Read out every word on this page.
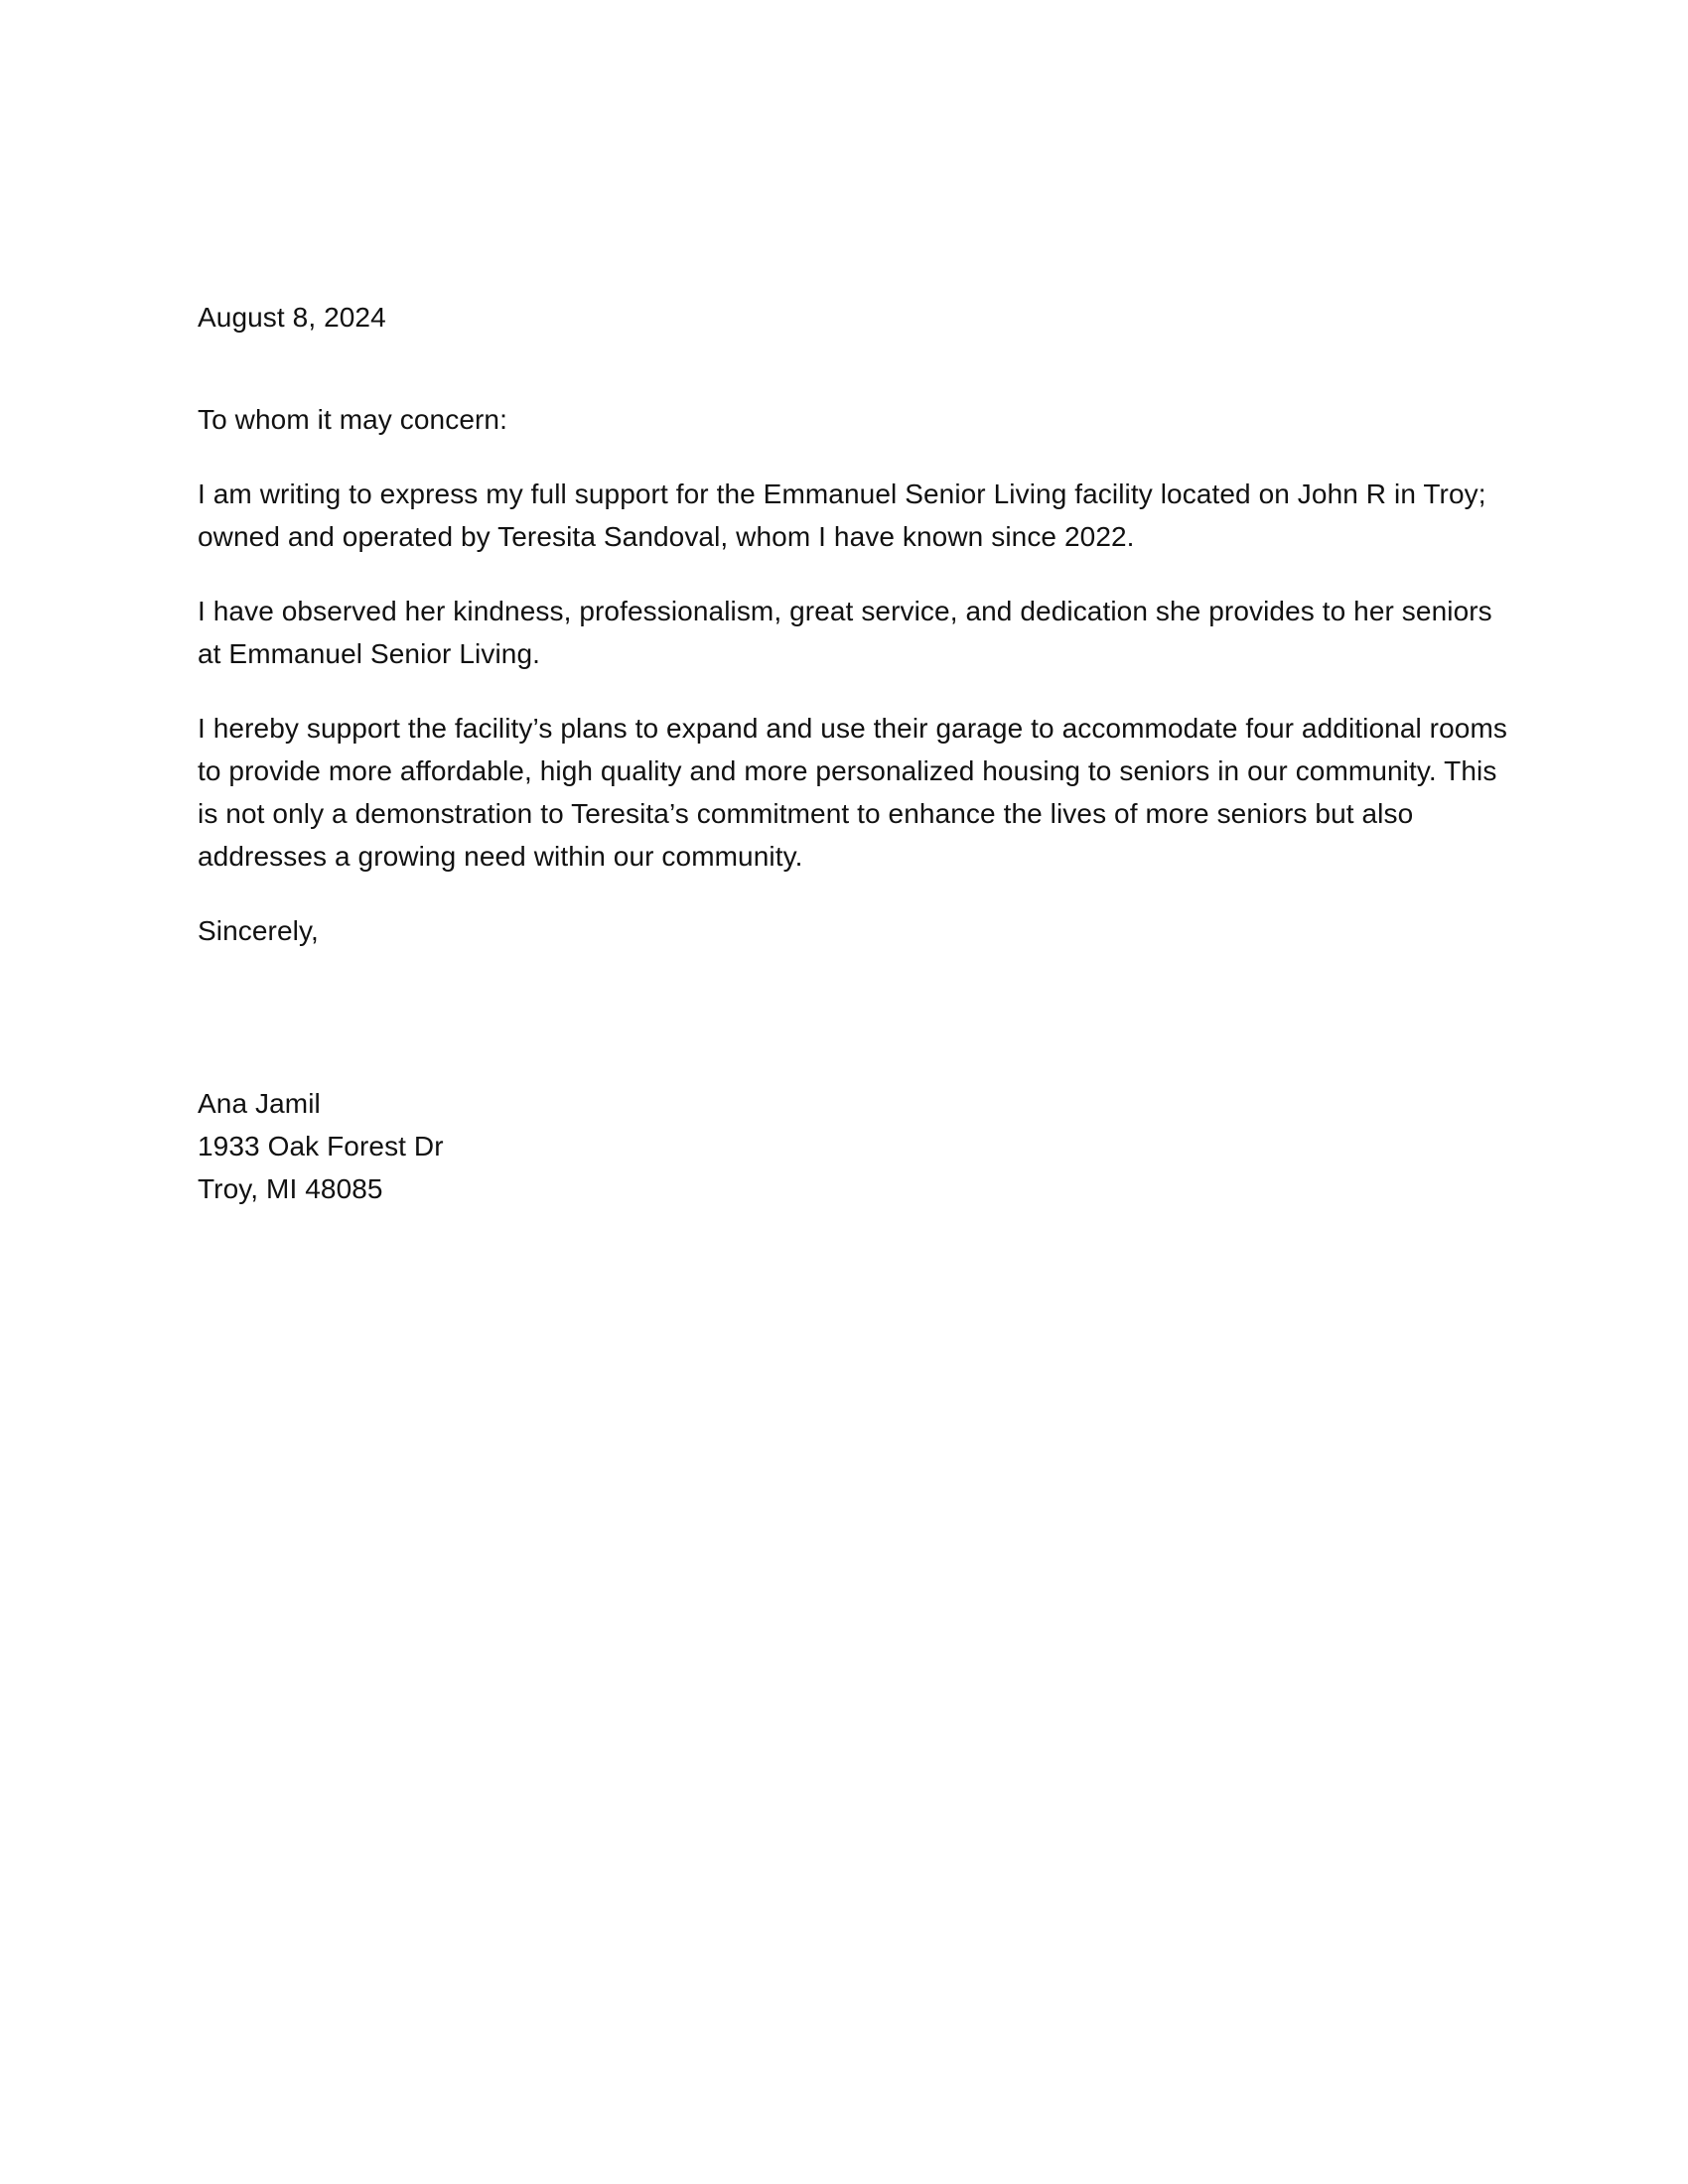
August 8, 2024

To whom it may concern:

I am writing to express my full support for the Emmanuel Senior Living facility located on John R in Troy; owned and operated by Teresita Sandoval, whom I have known since 2022.

I have observed her kindness, professionalism, great service, and dedication she provides to her seniors at Emmanuel Senior Living.

I hereby support the facility’s plans to expand and use their garage to accommodate four additional rooms to provide more affordable, high quality and more personalized housing to seniors in our community. This is not only a demonstration to Teresita’s commitment to enhance the lives of more seniors but also addresses a growing need within our community.

Sincerely,

Ana Jamil
1933 Oak Forest Dr
Troy, MI 48085
